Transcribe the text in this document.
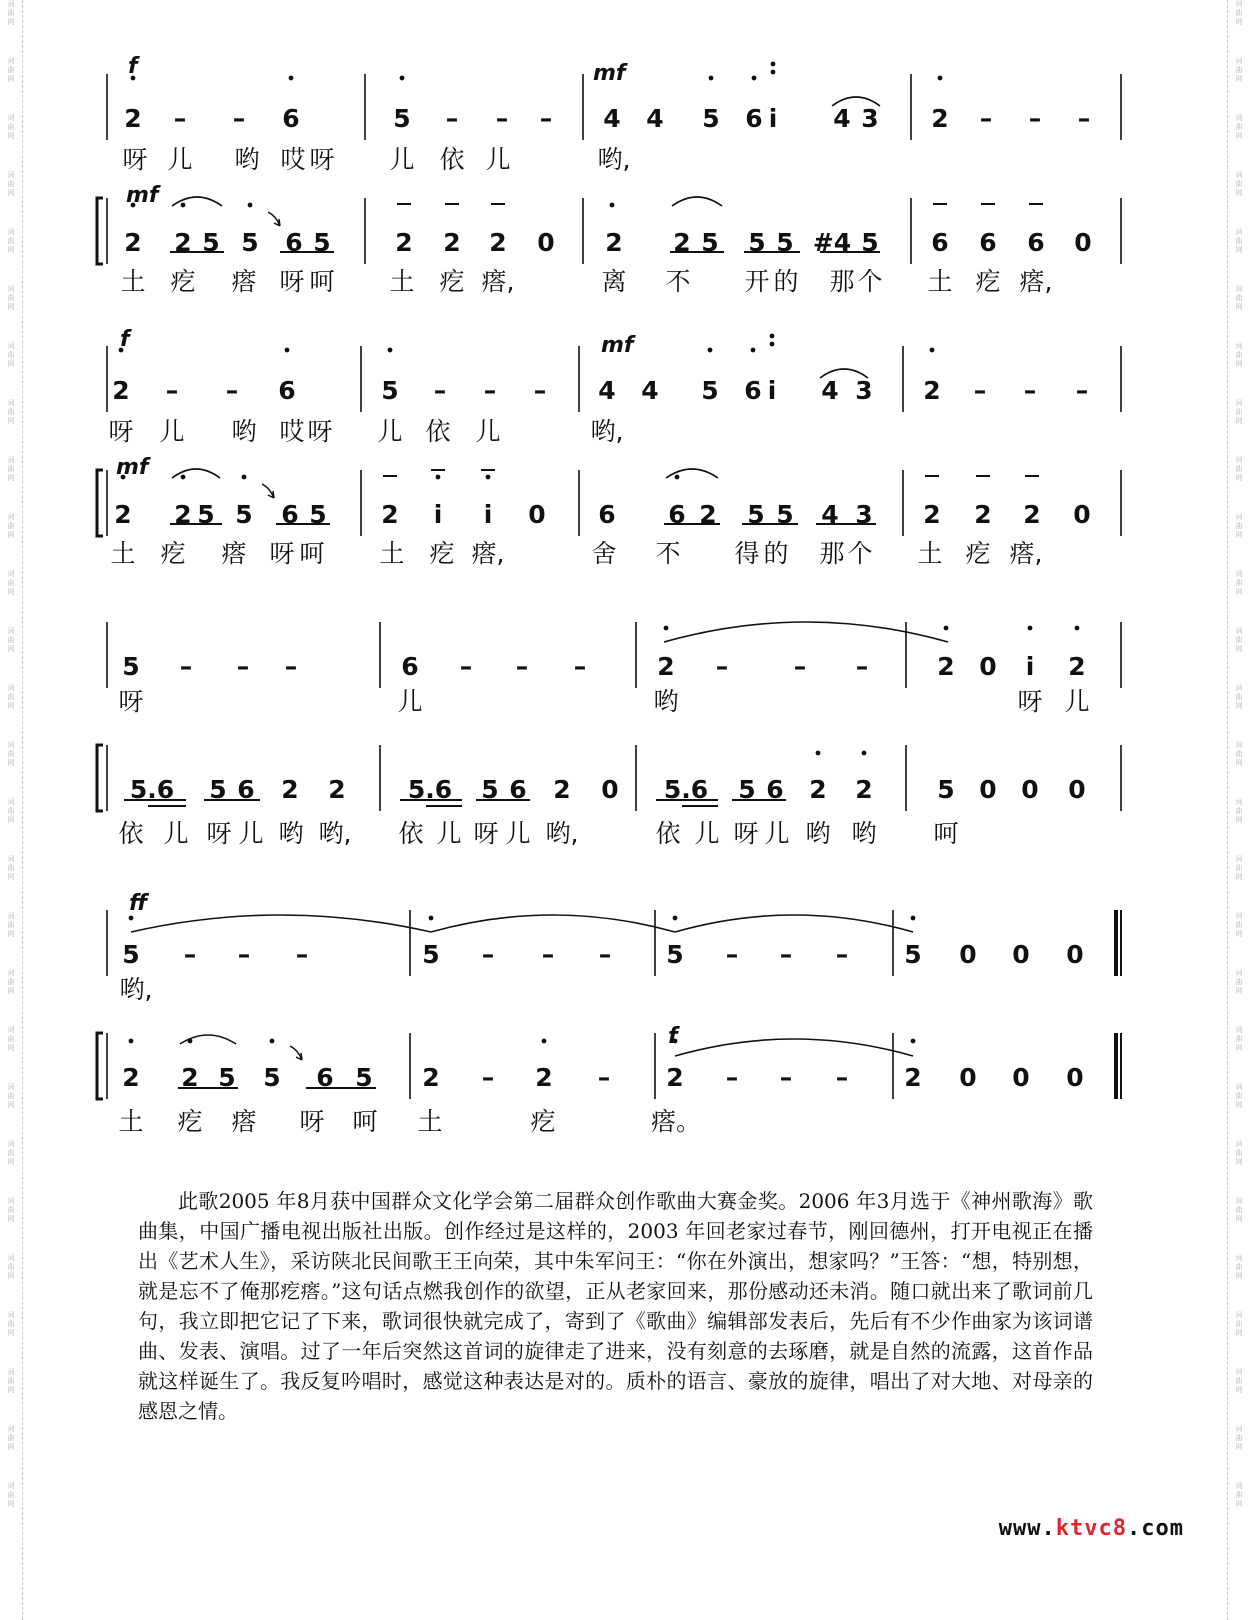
词
曲
网
词
曲
网
词
曲
网
词
曲
网
词
曲
网
词
曲
网
词
曲
网
词
曲
网
词
曲
网
词
曲
网
词
曲
网
词
曲
网
词
曲
网
词
曲
网
词
曲
网
词
曲
网
词
曲
网
词
曲
网
词
曲
网
词
曲
网
词
曲
网
词
曲
网
词
曲
网
词
曲
网
词
曲
网
词
曲
网
词
曲
网
词
曲
网
词
曲
网
词
曲
网
词
曲
网
词
曲
网
词
曲
网
词
曲
网
词
曲
网
词
曲
网
词
曲
网
词
曲
网
词
曲
网
词
曲
网
词
曲
网
词
曲
网
词
曲
网
词
曲
网
词
曲
网
词
曲
网
词
曲
网
词
曲
网
词
曲
网
词
曲
网
词
曲
网
词
曲
网
词
曲
网
词
曲
网
2 – – 6	5 – – – 4 4 5 6 i 4 3 2 – – –
呀 儿 哟 哎 呀 儿 依 儿	哟,
2 2 5 5 6 5	2 2 2 0 2 2 5 5 5 #4 5 6 6 6 0
土 疙 瘩 呀 呵 土 疙 瘩,	离 不 开 的 那 个 土 疙 瘩,
f	mf
mf
2 – – 6	5 – – – 4 4 5 6 i 4 3 2 – – –
呀 儿 哟 哎 呀 儿 依 儿	哟,
2 2 5 5 6 5 2 i i 0 6 6 2 5 5 4 3 2 2 2 0
土 疙 瘩 呀 呵 土 疙 瘩,	舍 不 得 的 那 个 土 疙 瘩,
f	mf
mf
5 – – –	6 – – –	2 –	– –	2 0 i 2
呀	儿	哟	呀 儿
5.6 5 6 2 2 5.6 5 6 2 0 5.6 5 6 2 2	5 0 0 0
依 儿 呀 儿 哟 哟, 依 儿 呀 儿 哟,	依 儿 呀 儿 哟 哟 呵
5 – – –	5 – – – 5 – – – 5 0 0 0
哟,
2 2 5 5 6 5 2 – 2 – 2 – – – 2 0 0 0
土 疙 瘩 呀 呵 土	疙	瘩。
ff
f

此歌2005 年8月获中国群众文化学会第二届群众创作歌曲大赛金奖。2006 年3月选于《神州歌海》歌曲集，中国广播电视出版社出版。创作经过是这样的，2003 年回老家过春节，刚回德州，打开电视正在播出《艺术人生》，采访陕北民间歌王王向荣，其中朱军问王：“你在外演出，想家吗？”王答：“想，特别想，就是忘不了俺那疙瘩。”这句话点燃我创作的欲望，正从老家回来，那份感动还未消。随口就出来了歌词前几句，我立即把它记了下来，歌词很快就完成了，寄到了《歌曲》编辑部发表后，先后有不少作曲家为该词谱曲、发表、演唱。过了一年后突然这首词的旋律走了进来，没有刻意的去琢磨，就是自然的流露，这首作品就这样诞生了。我反复吟唱时，感觉这种表达是对的。质朴的语言、豪放的旋律，唱出了对大地、对母亲的感恩之情。

www.ktvc8.com
